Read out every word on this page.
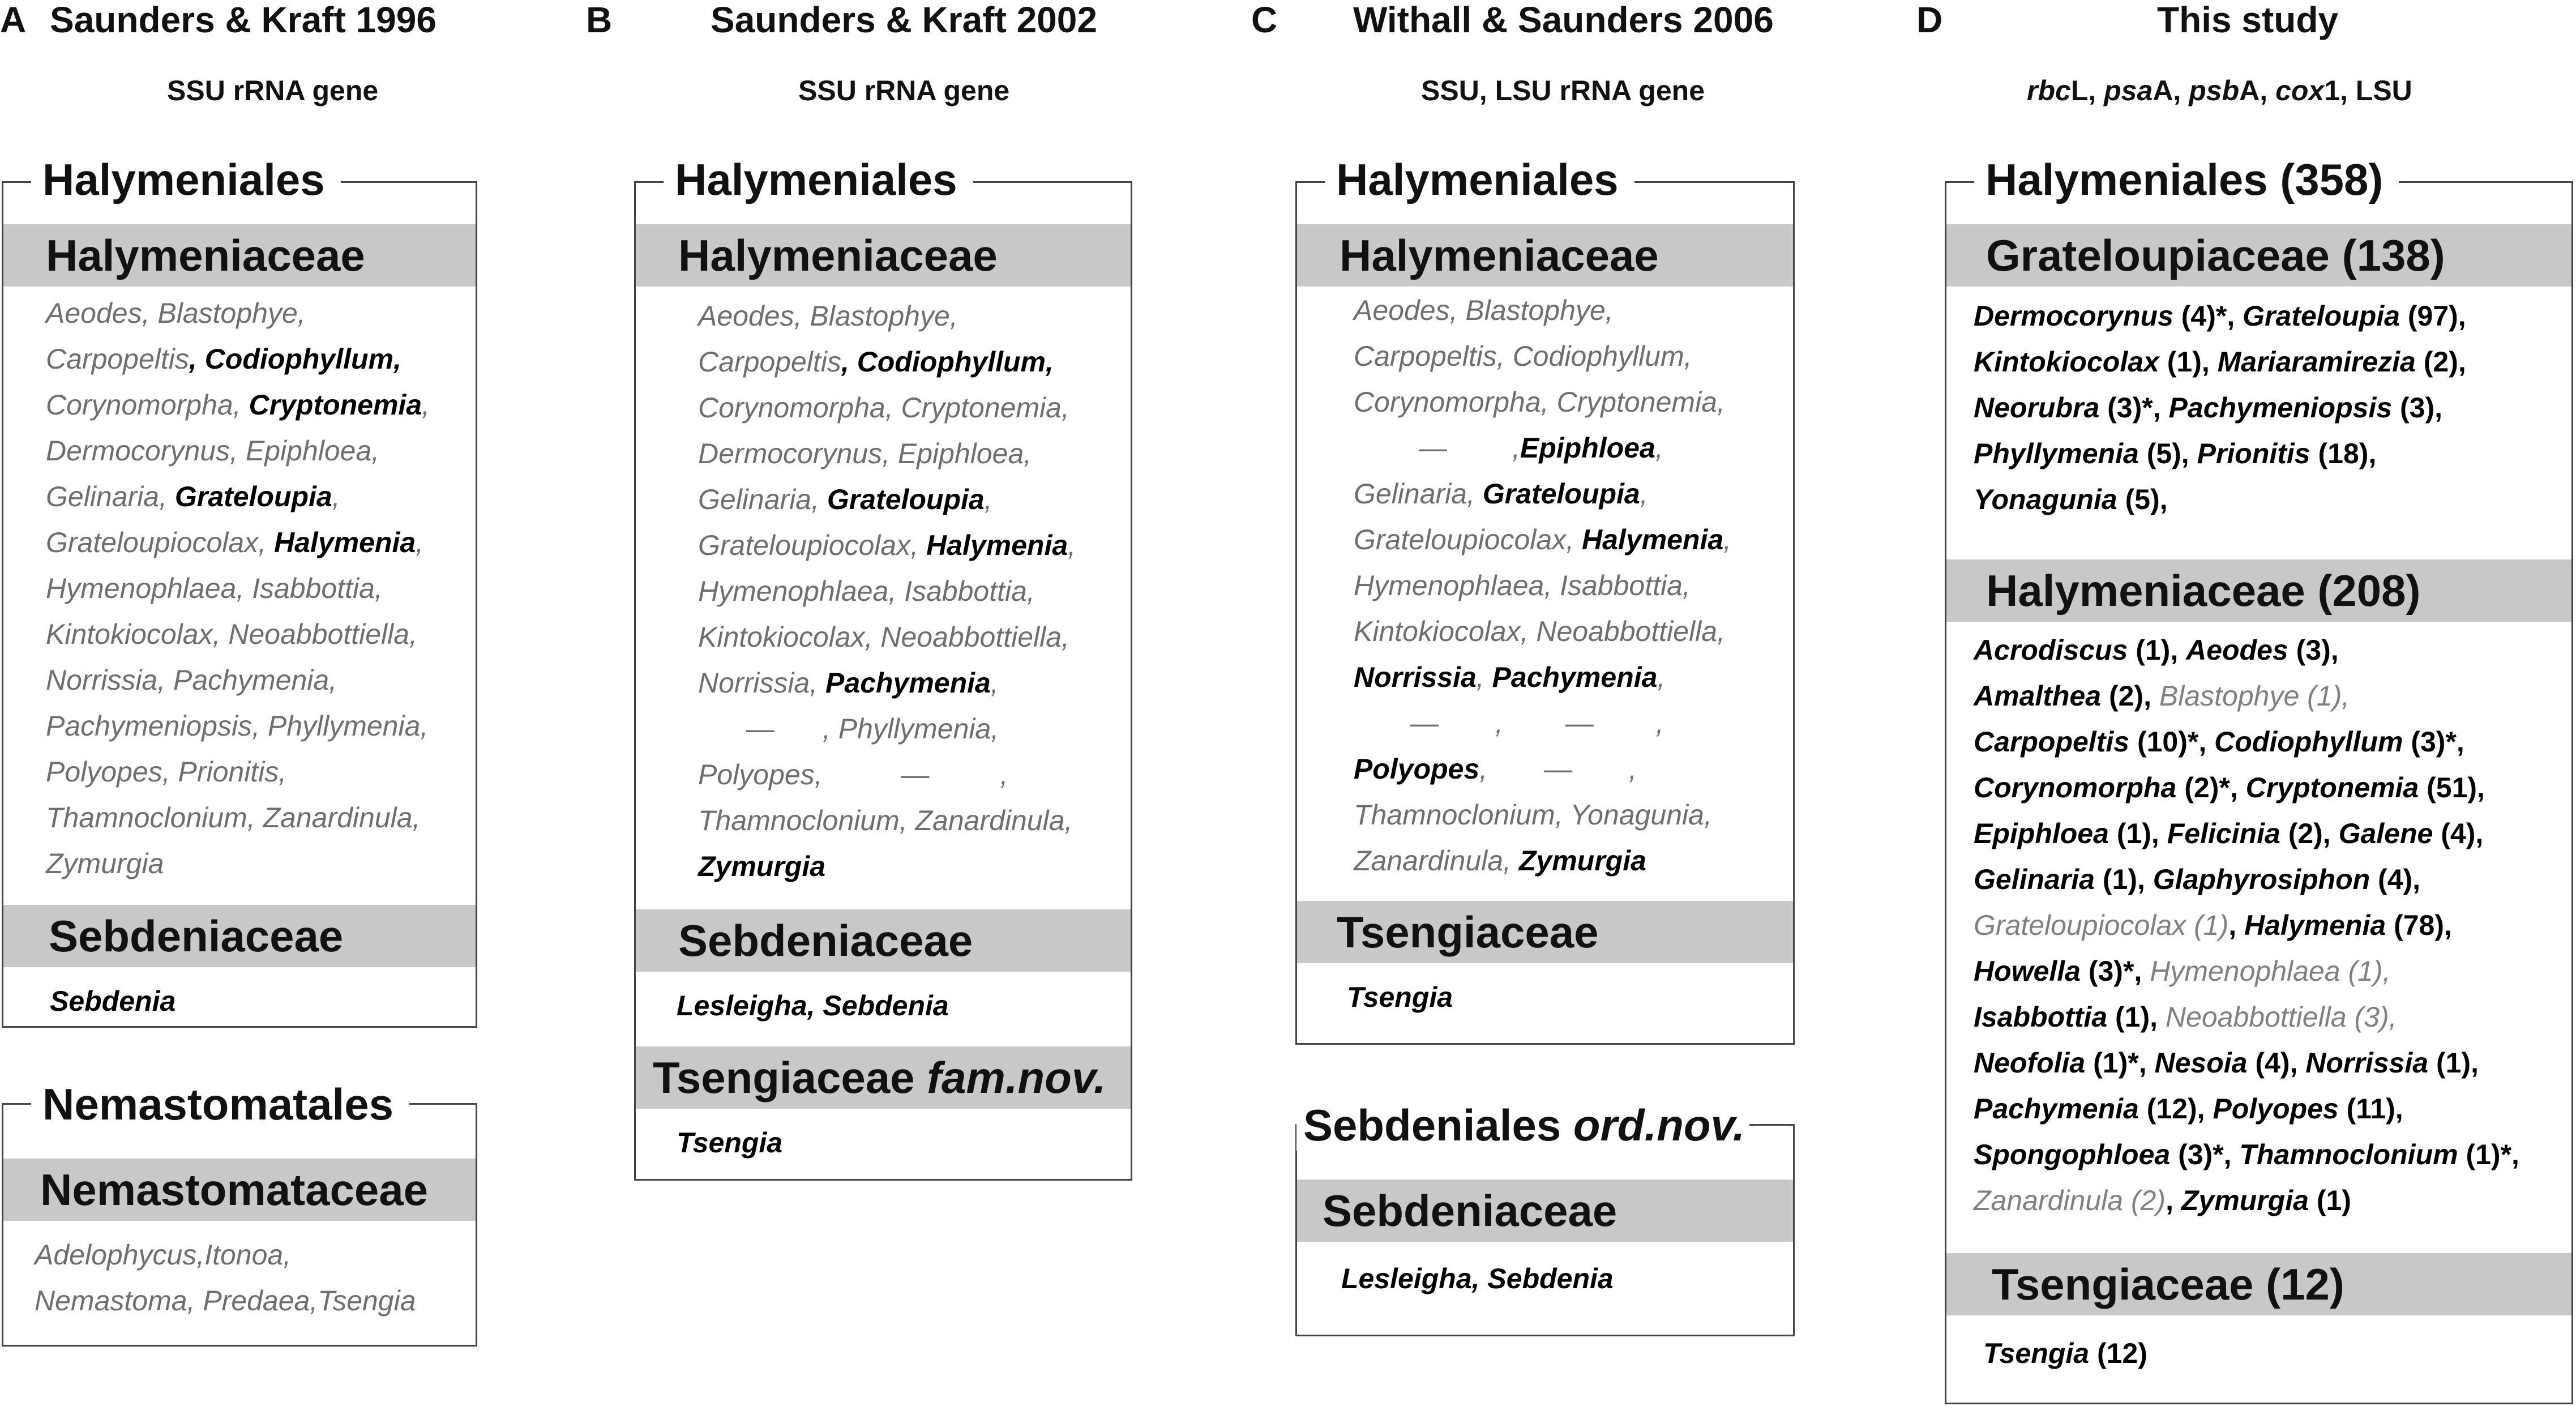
A Saunders & Kraft 1996
SSU rRNA gene
Halymeniaceae
Aeodes, Blastophye,
Carpopeltis, Codiophyllum,
Corynomorpha, Cryptonemia,
Dermocorynus, Epiphloea,
Gelinaria, Grateloupia,
Grateloupiocolax, Halymenia,
Hymenophlaea, Isabbottia,
Kintokiocolax, Neoabbottiella,
Norrissia, Pachymenia,
Pachymeniopsis, Phyllymenia,
Polyopes, Prionitis,
Thamnoclonium, Zanardinula,
Zymurgia
Sebdeniaceae
Sebdenia
Halymeniales
Nemastomataceae
Adelophycus,Itonoa,
Nemastoma, Predaea,Tsengia
Nemastomatales
B	Saunders & Kraft 2002
SSU rRNA gene
Halymeniaceae
Aeodes, Blastophye,
Carpopeltis, Codiophyllum,
Corynomorpha, Cryptonemia,
Dermocorynus, Epiphloea,
Gelinaria, Grateloupia,
Grateloupiocolax, Halymenia,
Hymenophlaea, Isabbottia,
Kintokiocolax, Neoabbottiella,
Norrissia, Pachymenia,
— , Phyllymenia,
Polyopes,	—	,
Thamnoclonium, Zanardinula,
Zymurgia
Sebdeniaceae
Lesleigha, Sebdenia
Tsengiaceae fam.nov.
Tsengia
Halymeniales
C Withall & Saunders 2006
SSU, LSU rRNA gene
Halymeniaceae
Aeodes, Blastophye,
Carpopeltis, Codiophyllum,
Corynomorpha, Cryptonemia,
— ,Epiphloea,
Gelinaria, Grateloupia,
Grateloupiocolax, Halymenia,
Hymenophlaea, Isabbottia,
Kintokiocolax, Neoabbottiella,
Norrissia, Pachymenia,
— , — ,
Polyopes, — ,
Thamnoclonium, Yonagunia,
Zanardinula, Zymurgia
Tsengiaceae
Tsengia
Halymeniales
Sebdeniaceae
Lesleigha, Sebdenia
Sebdeniales ord.nov.
D	This study
rbcL, psaA, psbA, cox1, LSU
Grateloupiaceae (138)
Dermocorynus (4)*, Grateloupia (97),
Kintokiocolax (1), Mariaramirezia (2),
Neorubra (3)*, Pachymeniopsis (3),
Phyllymenia (5), Prionitis (18),
Yonagunia (5),
Halymeniaceae (208)
Acrodiscus (1), Aeodes (3),
Amalthea (2), Blastophye (1),
Carpopeltis (10)*, Codiophyllum (3)*,
Corynomorpha (2)*, Cryptonemia (51),
Epiphloea (1), Felicinia (2), Galene (4),
Gelinaria (1), Glaphyrosiphon (4),
Grateloupiocolax (1), Halymenia (78),
Howella (3)*, Hymenophlaea (1),
Isabbottia (1), Neoabbottiella (3),
Neofolia (1)*, Nesoia (4), Norrissia (1),
Pachymenia (12), Polyopes (11),
Spongophloea (3)*, Thamnoclonium (1)*,
Zanardinula (2), Zymurgia (1)
Tsengiaceae (12)
Tsengia (12)
Halymeniales (358)
